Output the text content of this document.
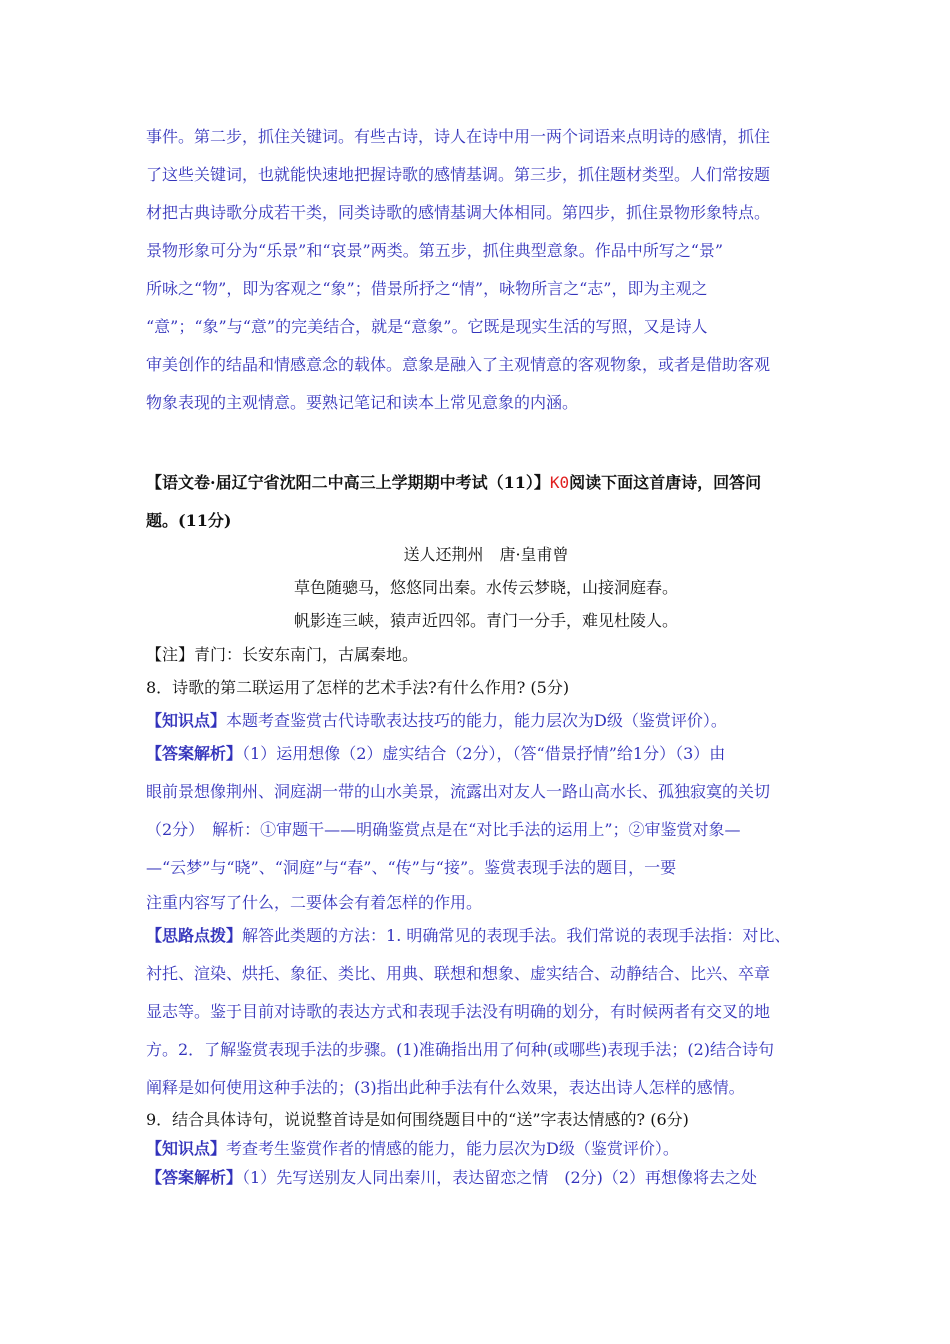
事件。第二步，抓住关键词。有些古诗，诗人在诗中用一两个词语来点明诗的感情，抓住
了这些关键词，也就能快速地把握诗歌的感情基调。第三步，抓住题材类型。人们常按题
材把古典诗歌分成若干类，同类诗歌的感情基调大体相同。第四步，抓住景物形象特点。
景物形象可分为“乐景”和“哀景”两类。第五步，抓住典型意象。作品中所写之“景”
所咏之“物”，即为客观之“象”；借景所抒之“情”，咏物所言之“志”，即为主观之
“意”；“象”与“意”的完美结合，就是“意象”。它既是现实生活的写照，又是诗人
审美创作的结晶和情感意念的载体。意象是融入了主观情意的客观物象，或者是借助客观
物象表现的主观情意。要熟记笔记和读本上常见意象的内涵。
【语文卷·届辽宁省沈阳二中高三上学期期中考试（11）】K0阅读下面这首唐诗，回答问
题。(11分)
送人还荆州　唐·皇甫曾
草色随骢马，悠悠同出秦。水传云梦晓，山接洞庭春。
帆影连三峡，猿声近四邻。青门一分手，难见杜陵人。
【注】青门：长安东南门，古属秦地。
8．诗歌的第二联运用了怎样的艺术手法?有什么作用? (5分)
【知识点】本题考查鉴赏古代诗歌表达技巧的能力，能力层次为D级（鉴赏评价）。
【答案解析】（1）运用想像（2）虚实结合（2分），（答“借景抒情”给1分）（3）由
眼前景想像荆州、洞庭湖一带的山水美景，流露出对友人一路山高水长、孤独寂寞的关切
（2分）　解析：①审题干——明确鉴赏点是在“对比手法的运用上”；②审鉴赏对象—
—“云梦”与“晓”、“洞庭”与“春”、“传”与“接”。鉴赏表现手法的题目，一要
注重内容写了什么，二要体会有着怎样的作用。
【思路点拨】解答此类题的方法：1. 明确常见的表现手法。我们常说的表现手法指：对比、
衬托、渲染、烘托、象征、类比、用典、联想和想象、虚实结合、动静结合、比兴、卒章
显志等。鉴于目前对诗歌的表达方式和表现手法没有明确的划分，有时候两者有交叉的地
方。2．了解鉴赏表现手法的步骤。(1)准确指出用了何种(或哪些)表现手法；(2)结合诗句
阐释是如何使用这种手法的；(3)指出此种手法有什么效果，表达出诗人怎样的感情。
9．结合具体诗句，说说整首诗是如何围绕题目中的“送”字表达情感的? (6分)
【知识点】考查考生鉴赏作者的情感的能力，能力层次为D级（鉴赏评价）。
【答案解析】（1）先写送别友人同出秦川，表达留恋之情　(2分)（2）再想像将去之处
